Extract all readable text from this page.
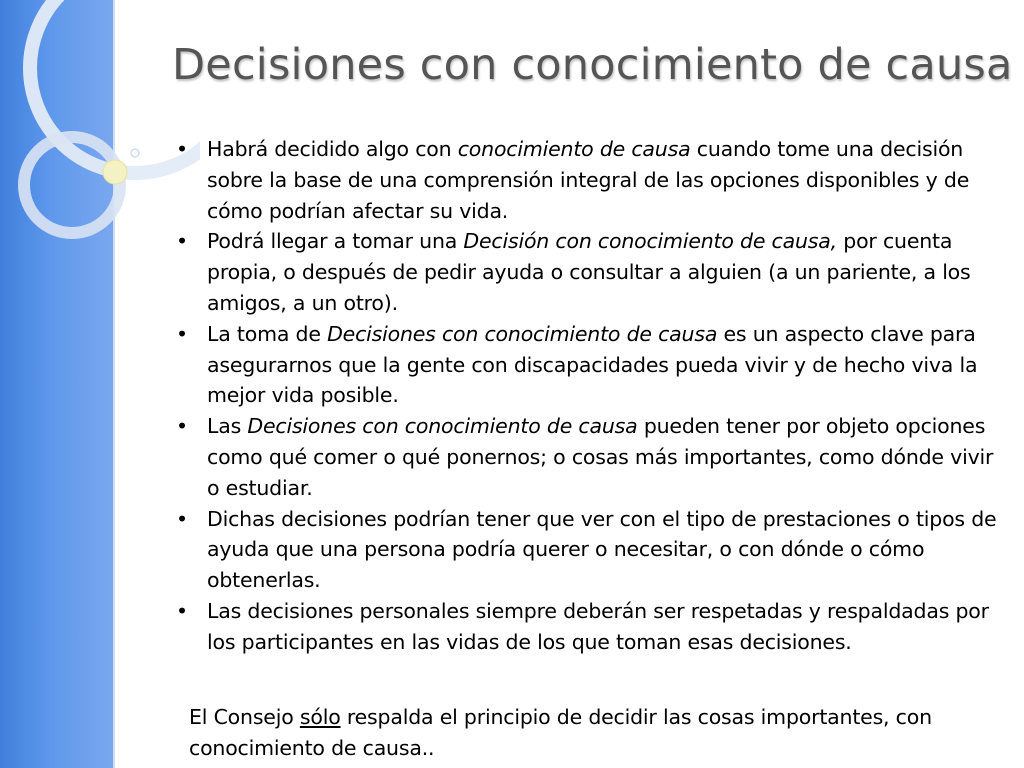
Decisiones con conocimiento de causa
• Habrá decidido algo con conocimiento de causa cuando tome una decisión sobre la base de una comprensión integral de las opciones disponibles y de cómo podrían afectar su vida.
• Podrá llegar a tomar una Decisión con conocimiento de causa, por cuenta propia, o después de pedir ayuda o consultar a alguien (a un pariente, a los amigos, a un otro).
• La toma de Decisiones con conocimiento de causa es un aspecto clave para asegurarnos que la gente con discapacidades pueda vivir y de hecho viva la mejor vida posible.
• Las Decisiones con conocimiento de causa pueden tener por objeto opciones como qué comer o qué ponernos; o cosas más importantes, como dónde vivir o estudiar.
• Dichas decisiones podrían tener que ver con el tipo de prestaciones o tipos de ayuda que una persona podría querer o necesitar, o con dónde o cómo obtenerlas.
• Las decisiones personales siempre deberán ser respetadas y respaldadas por los participantes en las vidas de los que toman esas decisiones.
El Consejo sólo respalda el principio de decidir las cosas importantes, con conocimiento de causa..
